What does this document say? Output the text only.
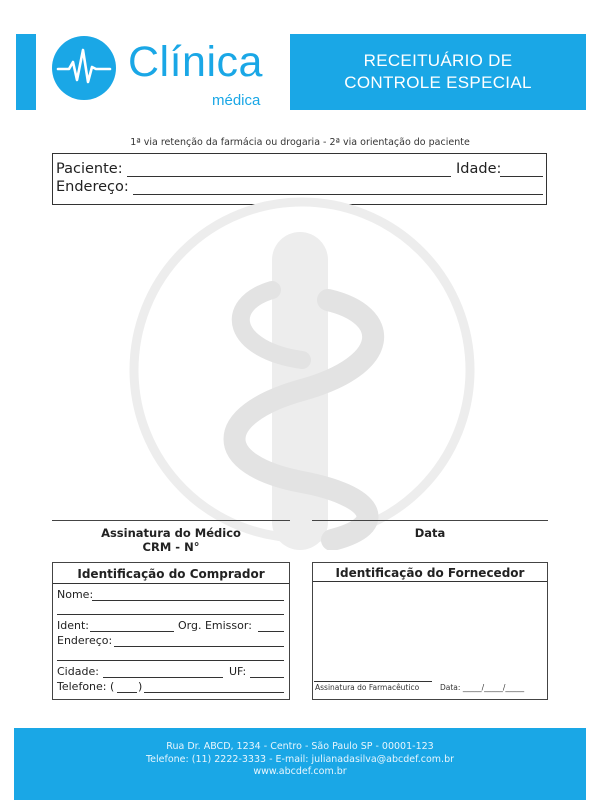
Clínica
médica
RECEITUÁRIO DE
CONTROLE ESPECIAL
1ª via retenção da farmácia ou drogaria - 2ª via orientação do paciente
Paciente:	Idade:
Endereço:
Assinatura do Médico
CRM - N°
Data
Identificação do Comprador
Nome:
Ident:	Org. Emissor:
Endereço:
Cidade:	UF:
Telefone: ( )
Identificação do Fornecedor
Assinatura do Farmacêutico	Data: _____/_____/_____
Rua Dr. ABCD, 1234 - Centro - São Paulo SP - 00001-123
Telefone: (11) 2222-3333 - E-mail: julianadasilva@abcdef.com.br
www.abcdef.com.br
